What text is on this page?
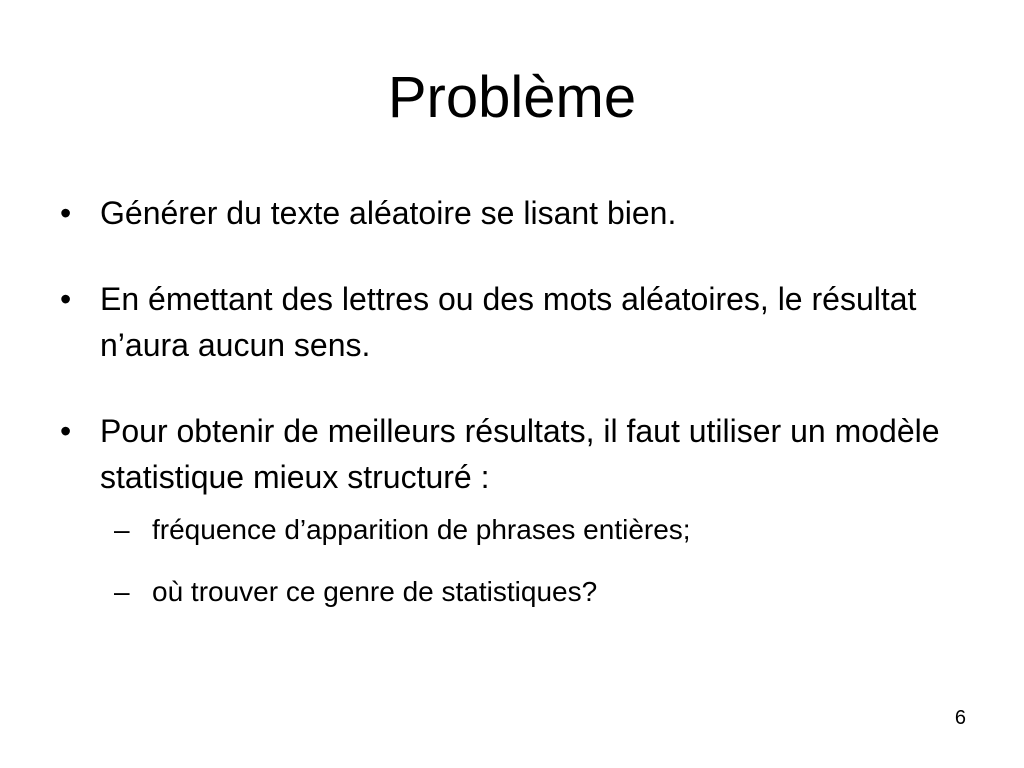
Problème
• Générer du texte aléatoire se lisant bien.
• En émettant des lettres ou des mots aléatoires, le résultat n’aura aucun sens.
• Pour obtenir de meilleurs résultats, il faut utiliser un modèle statistique mieux structuré :
– fréquence d’apparition de phrases entières;
– où trouver ce genre de statistiques?
6
